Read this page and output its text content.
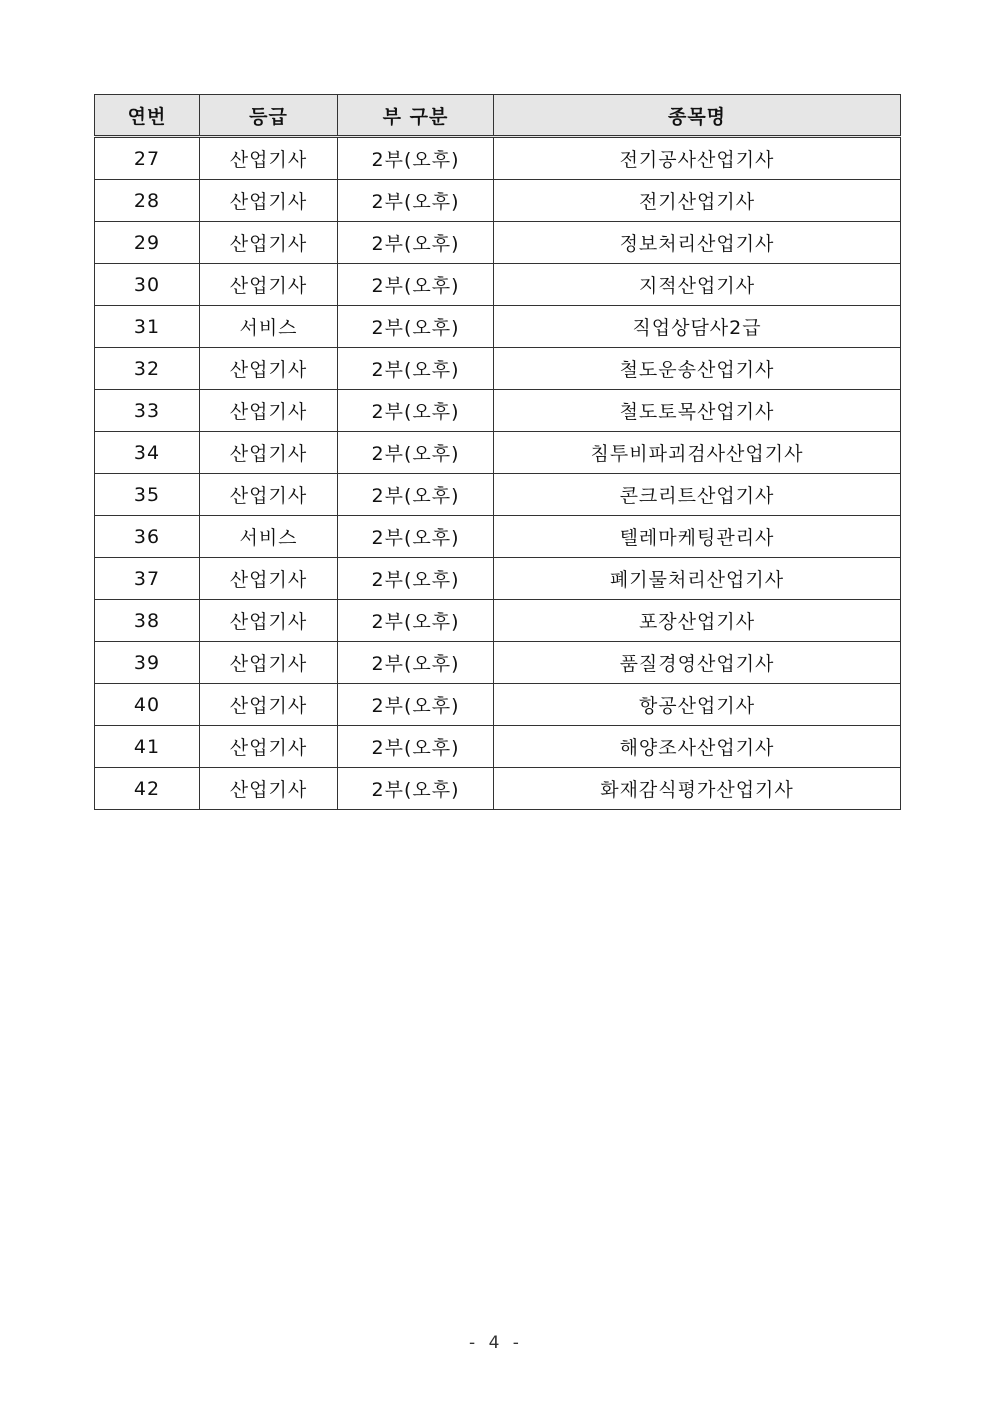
연번	등급	부 구분	종목명
27	산업기사	2부(오후)	전기공사산업기사
28	산업기사	2부(오후)	전기산업기사
29	산업기사	2부(오후)	정보처리산업기사
30	산업기사	2부(오후)	지적산업기사
31	서비스	2부(오후)	직업상담사2급
32	산업기사	2부(오후)	철도운송산업기사
33	산업기사	2부(오후)	철도토목산업기사
34	산업기사	2부(오후)	침투비파괴검사산업기사
35	산업기사	2부(오후)	콘크리트산업기사
36	서비스	2부(오후)	텔레마케팅관리사
37	산업기사	2부(오후)	폐기물처리산업기사
38	산업기사	2부(오후)	포장산업기사
39	산업기사	2부(오후)	품질경영산업기사
40	산업기사	2부(오후)	항공산업기사
41	산업기사	2부(오후)	해양조사산업기사
42	산업기사	2부(오후)	화재감식평가산업기사
- 4 -
